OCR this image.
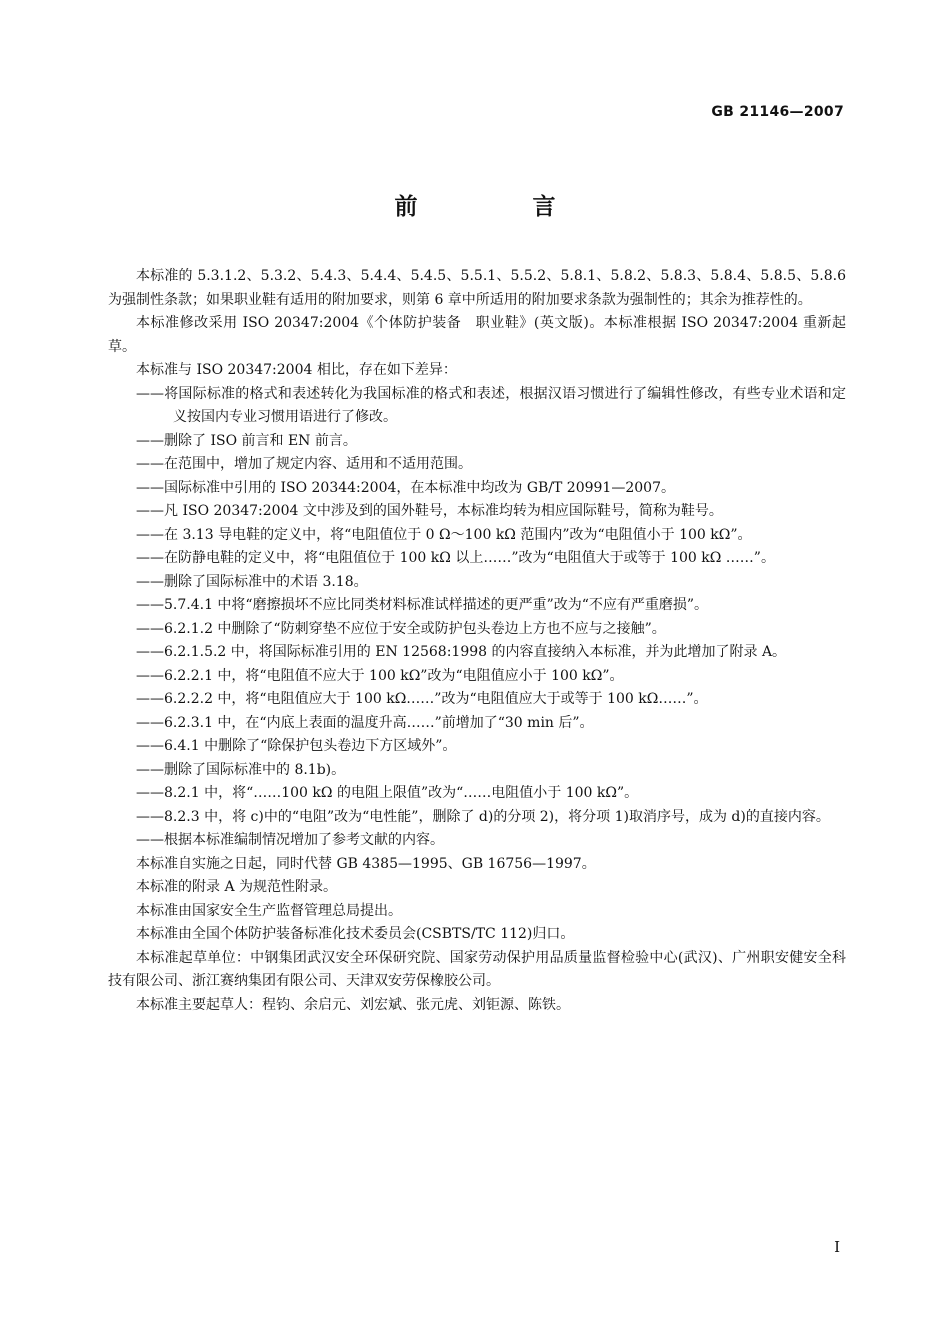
GB 21146—2007
前　言

本标准的 5.3.1.2、5.3.2、5.4.3、5.4.4、5.4.5、5.5.1、5.5.2、5.8.1、5.8.2、5.8.3、5.8.4、5.8.5、5.8.6 为强制性条款；如果职业鞋有适用的附加要求，则第 6 章中所适用的附加要求条款为强制性的；其余为推荐性的。

本标准修改采用 ISO 20347:2004《个体防护装备　职业鞋》(英文版)。本标准根据 ISO 20347:2004 重新起草。

本标准与 ISO 20347:2004 相比，存在如下差异：

——将国际标准的格式和表述转化为我国标准的格式和表述，根据汉语习惯进行了编辑性修改，有些专业术语和定义按国内专业习惯用语进行了修改。

——删除了 ISO 前言和 EN 前言。

——在范围中，增加了规定内容、适用和不适用范围。

——国际标准中引用的 ISO 20344:2004，在本标准中均改为 GB/T 20991—2007。

——凡 ISO 20347:2004 文中涉及到的国外鞋号，本标准均转为相应国际鞋号，简称为鞋号。

——在 3.13 导电鞋的定义中，将“电阻值位于 0 Ω～100 kΩ 范围内”改为“电阻值小于 100 kΩ”。

——在防静电鞋的定义中，将“电阻值位于 100 kΩ 以上……”改为“电阻值大于或等于 100 kΩ ……”。

——删除了国际标准中的术语 3.18。

——5.7.4.1 中将“磨擦损坏不应比同类材料标准试样描述的更严重”改为“不应有严重磨损”。

——6.2.1.2 中删除了“防刺穿垫不应位于安全或防护包头卷边上方也不应与之接触”。

——6.2.1.5.2 中，将国际标准引用的 EN 12568:1998 的内容直接纳入本标准，并为此增加了附录 A。

——6.2.2.1 中，将“电阻值不应大于 100 kΩ”改为“电阻值应小于 100 kΩ”。

——6.2.2.2 中，将“电阻值应大于 100 kΩ……”改为“电阻值应大于或等于 100 kΩ……”。

——6.2.3.1 中，在“内底上表面的温度升高……”前增加了“30 min 后”。

——6.4.1 中删除了“除保护包头卷边下方区域外”。

——删除了国际标准中的 8.1b)。

——8.2.1 中，将“……100 kΩ 的电阻上限值”改为“……电阻值小于 100 kΩ”。

——8.2.3 中，将 c)中的“电阻”改为“电性能”，删除了 d)的分项 2)，将分项 1)取消序号，成为 d)的直接内容。

——根据本标准编制情况增加了参考文献的内容。

本标准自实施之日起，同时代替 GB 4385—1995、GB 16756—1997。

本标准的附录 A 为规范性附录。

本标准由国家安全生产监督管理总局提出。

本标准由全国个体防护装备标准化技术委员会(CSBTS/TC 112)归口。

本标准起草单位：中钢集团武汉安全环保研究院、国家劳动保护用品质量监督检验中心(武汉)、广州职安健安全科技有限公司、浙江赛纳集团有限公司、天津双安劳保橡胶公司。

本标准主要起草人：程钧、余启元、刘宏斌、张元虎、刘钜源、陈铁。

I
